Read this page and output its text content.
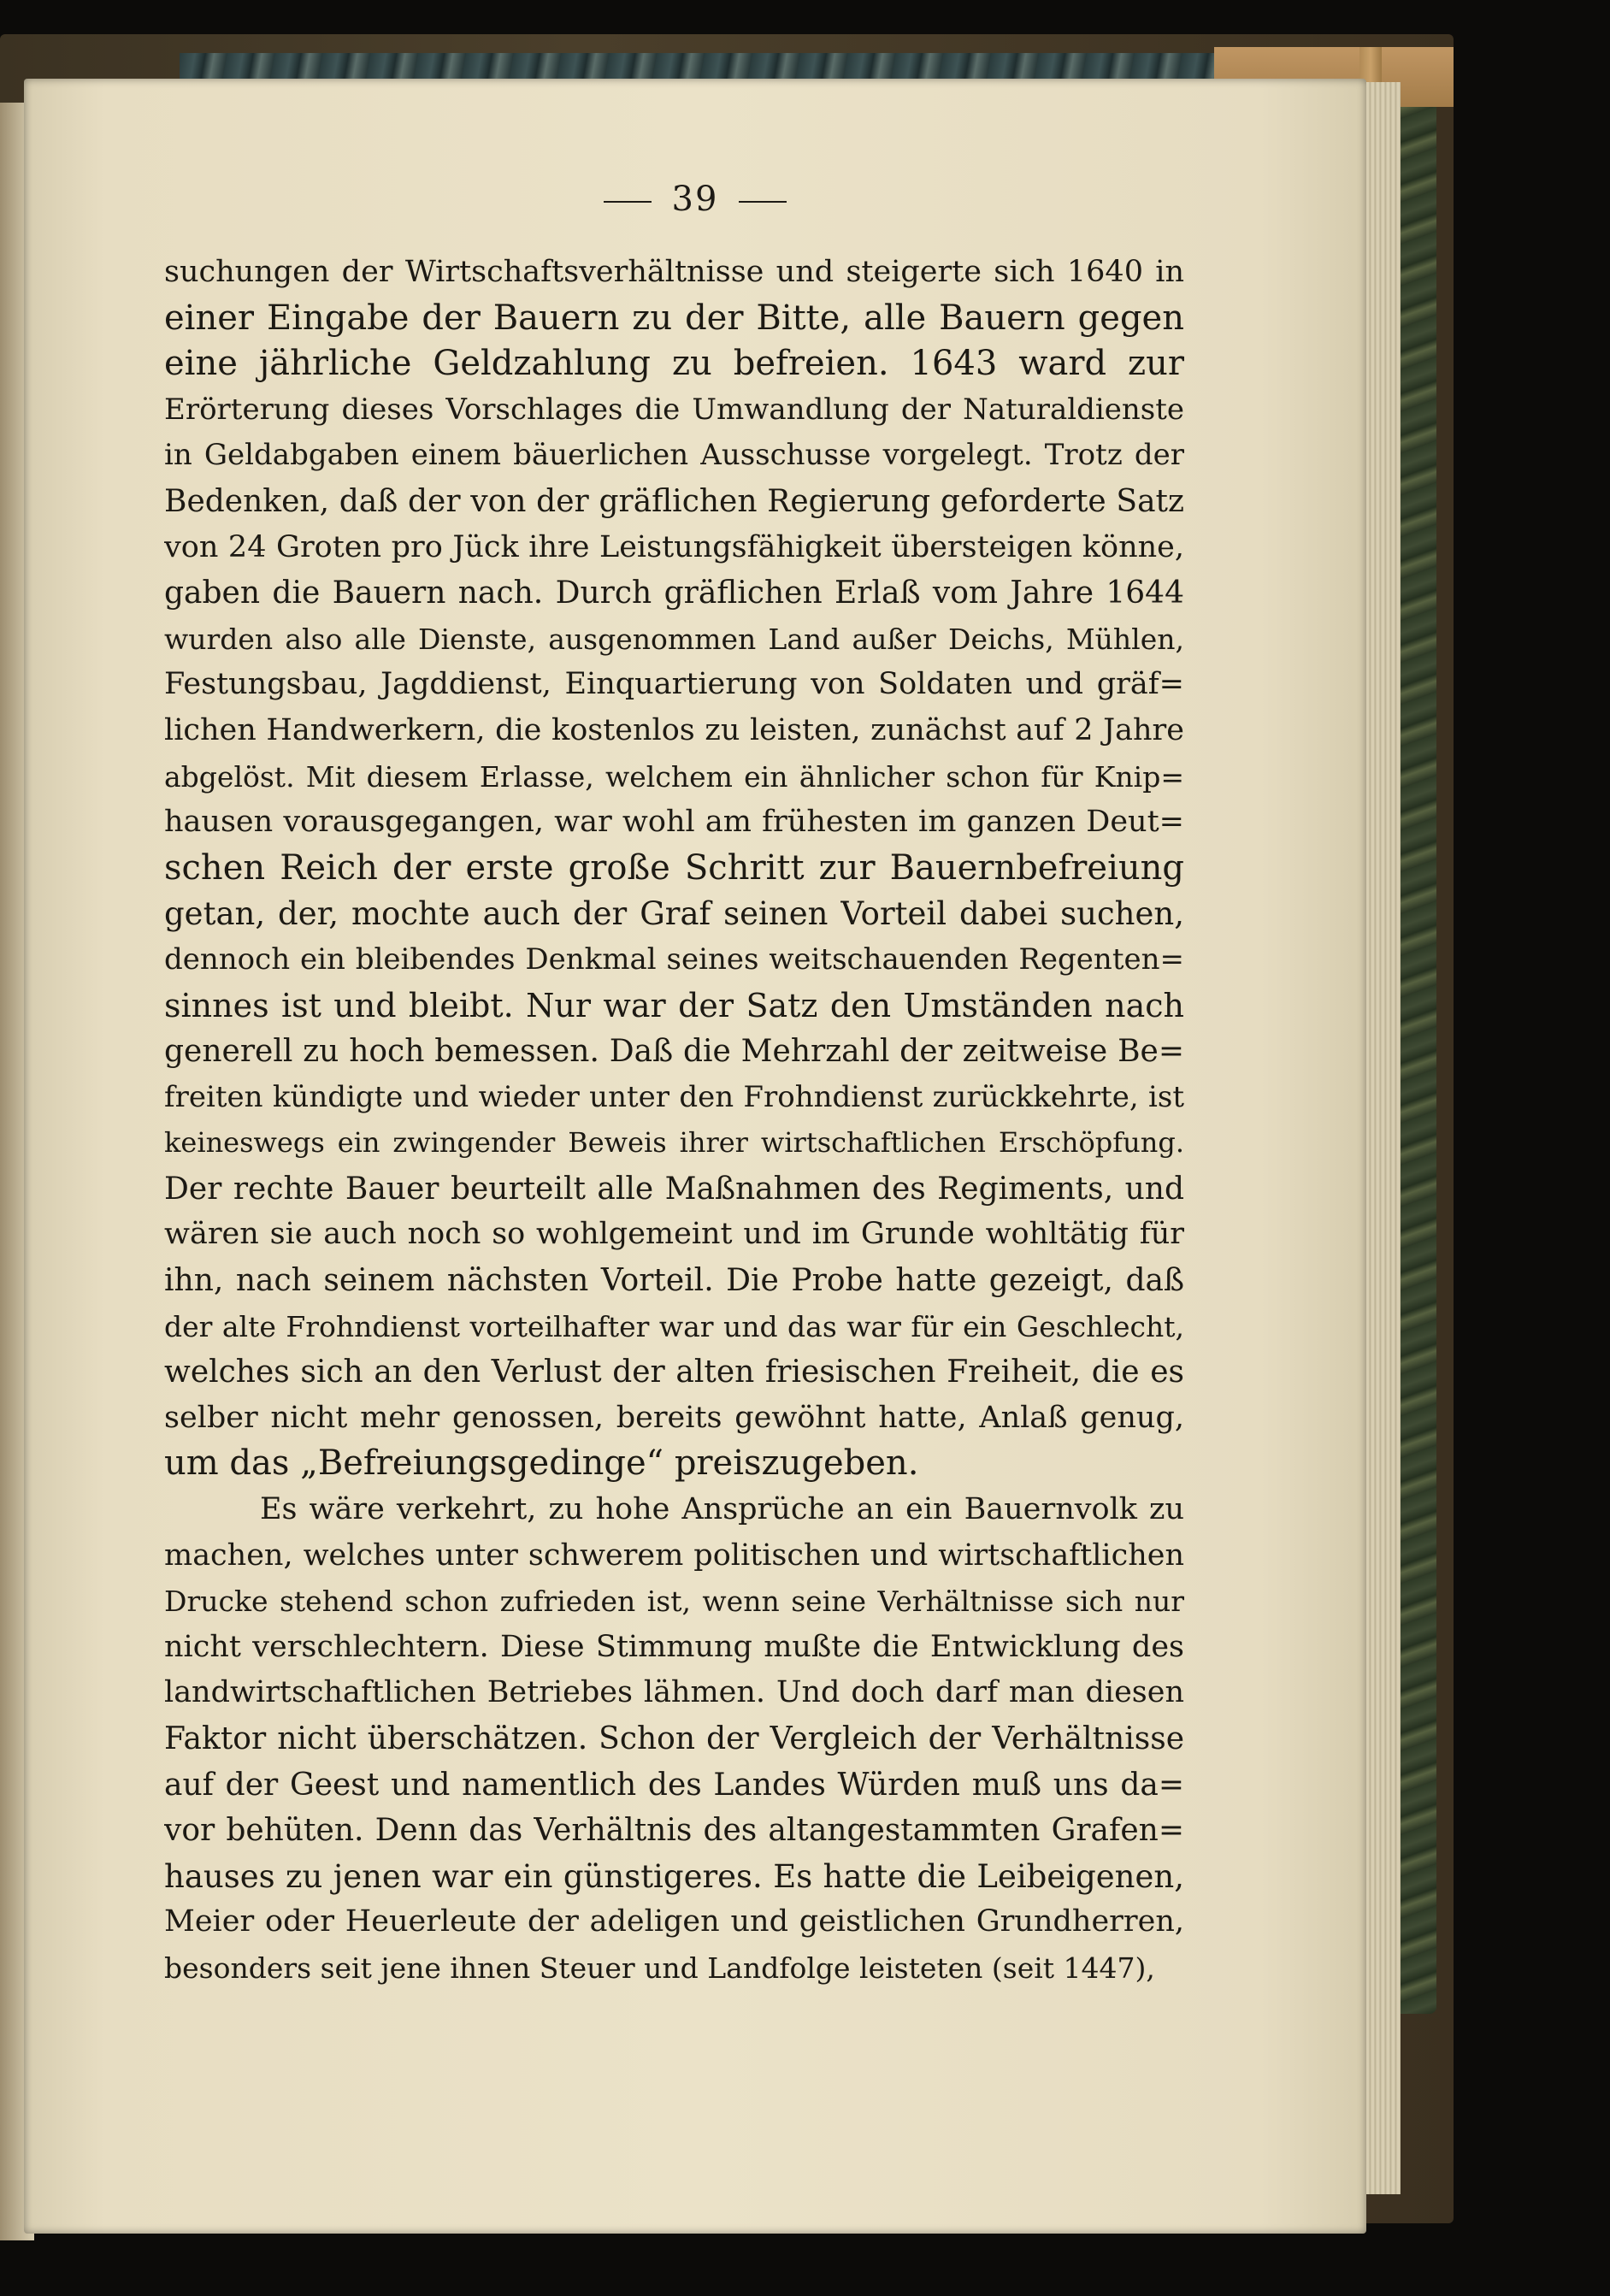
39
suchungen der Wirtschaftsverhältnisse und steigerte sich 1640 in
einer Eingabe der Bauern zu der Bitte, alle Bauern gegen
eine jährliche Geldzahlung zu befreien. 1643 ward zur
Erörterung dieses Vorschlages die Umwandlung der Naturaldienste
in Geldabgaben einem bäuerlichen Ausschusse vorgelegt. Trotz der
Bedenken, daß der von der gräflichen Regierung geforderte Satz
von 24 Groten pro Jück ihre Leistungsfähigkeit übersteigen könne,
gaben die Bauern nach. Durch gräflichen Erlaß vom Jahre 1644
wurden also alle Dienste, ausgenommen Land außer Deichs, Mühlen,
Festungsbau, Jagddienst, Einquartierung von Soldaten und gräf=
lichen Handwerkern, die kostenlos zu leisten, zunächst auf 2 Jahre
abgelöst. Mit diesem Erlasse, welchem ein ähnlicher schon für Knip=
hausen vorausgegangen, war wohl am frühesten im ganzen Deut=
schen Reich der erste große Schritt zur Bauernbefreiung
getan, der, mochte auch der Graf seinen Vorteil dabei suchen,
dennoch ein bleibendes Denkmal seines weitschauenden Regenten=
sinnes ist und bleibt. Nur war der Satz den Umständen nach
generell zu hoch bemessen. Daß die Mehrzahl der zeitweise Be=
freiten kündigte und wieder unter den Frohndienst zurückkehrte, ist
keineswegs ein zwingender Beweis ihrer wirtschaftlichen Erschöpfung.
Der rechte Bauer beurteilt alle Maßnahmen des Regiments, und
wären sie auch noch so wohlgemeint und im Grunde wohltätig für
ihn, nach seinem nächsten Vorteil. Die Probe hatte gezeigt, daß
der alte Frohndienst vorteilhafter war und das war für ein Geschlecht,
welches sich an den Verlust der alten friesischen Freiheit, die es
selber nicht mehr genossen, bereits gewöhnt hatte, Anlaß genug,
um das „Befreiungsgedinge“ preiszugeben.
Es wäre verkehrt, zu hohe Ansprüche an ein Bauernvolk zu
machen, welches unter schwerem politischen und wirtschaftlichen
Drucke stehend schon zufrieden ist, wenn seine Verhältnisse sich nur
nicht verschlechtern. Diese Stimmung mußte die Entwicklung des
landwirtschaftlichen Betriebes lähmen. Und doch darf man diesen
Faktor nicht überschätzen. Schon der Vergleich der Verhältnisse
auf der Geest und namentlich des Landes Würden muß uns da=
vor behüten. Denn das Verhältnis des altangestammten Grafen=
hauses zu jenen war ein günstigeres. Es hatte die Leibeigenen,
Meier oder Heuerleute der adeligen und geistlichen Grundherren,
besonders seit jene ihnen Steuer und Landfolge leisteten (seit 1447),
